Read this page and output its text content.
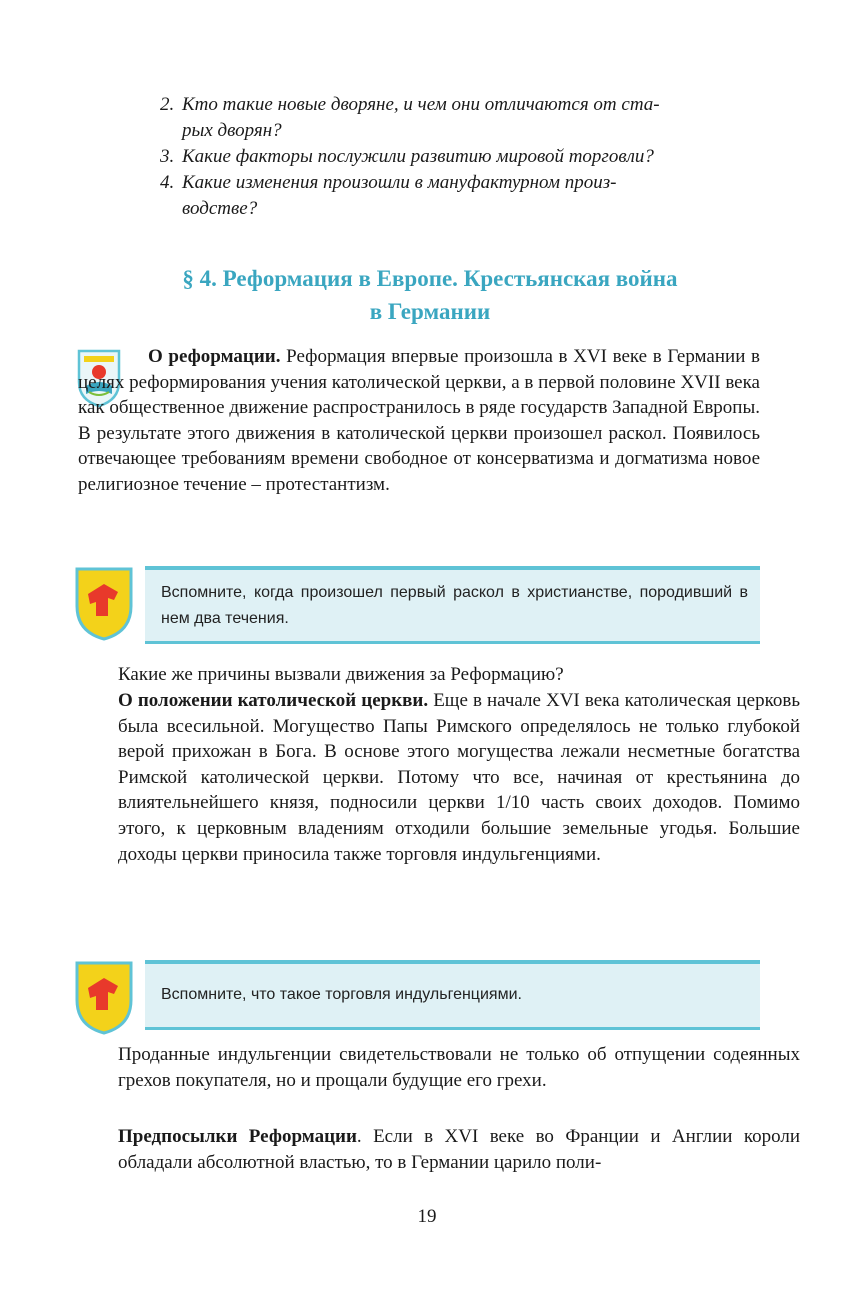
2. Кто такие новые дворяне, и чем они отличаются от ста-
рых дворян?

3. Какие факторы послужили развитию мировой торговли?

4. Какие изменения произошли в мануфактурном произ-
водстве?

§ 4. Реформация в Европе. Крестьянская война
в Германии
О реформации. Реформация впервые произошла в XVI веке в Германии в целях реформирования учения католической церкви, а в первой половине XVII века как общественное движение распространилось в ряде государств Западной Европы. В результате этого движения в католической церкви произошел раскол. Появилось отвечающее требованиям времени свободное от консерватизма и догматизма новое религиозное течение – протестантизм.
Вспомните, когда произошел первый раскол в христианстве, породивший в нем два течения.
Какие же причины вызвали движения за Реформацию?
О положении католической церкви. Еще в начале XVI века католическая церковь была всесильной. Могущество Папы Римского определялось не только глубокой верой прихожан в Бога. В основе этого могущества лежали несметные богатства Римской католической церкви. Потому что все, начиная от крестьянина до влиятельнейшего князя, подносили церкви 1/10 часть своих доходов. Помимо этого, к церковным владениям отходили большие земельные угодья. Большие доходы церкви приносила также торговля индульгенциями.
Вспомните, что такое торговля индульгенциями.
Проданные индульгенции свидетельствовали не только об отпущении содеянных грехов покупателя, но и прощали будущие его грехи.
Предпосылки Реформации. Если в XVI веке во Франции и Англии короли обладали абсолютной властью, то в Германии царило поли-
19
